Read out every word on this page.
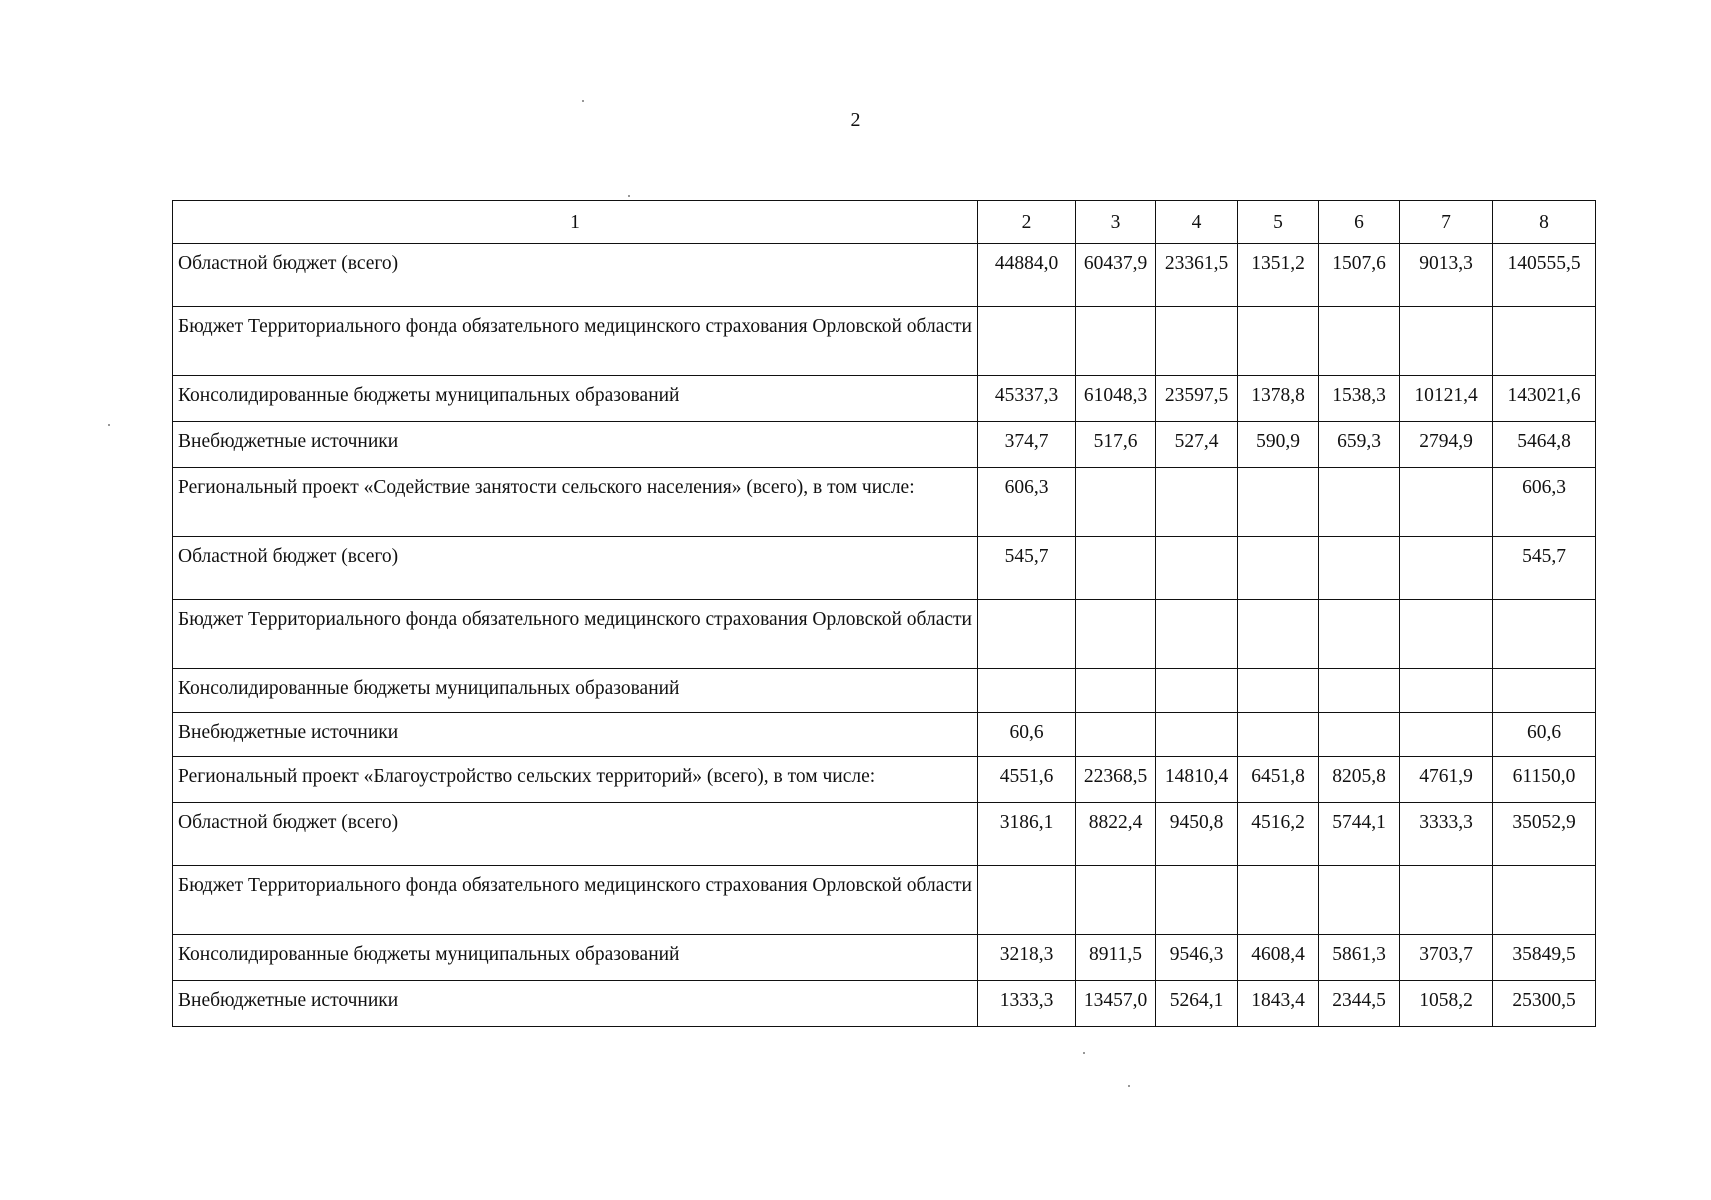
2
1	2	3	4	5	6	7	8
Областной бюджет (всего)	44884,0	60437,9	23361,5	1351,2	1507,6	9013,3	140555,5
Бюджет Территориального фонда обязательного медицинского страхования Орловской области							
Консолидированные бюджеты муниципальных образований	45337,3	61048,3	23597,5	1378,8	1538,3	10121,4	143021,6
Внебюджетные источники	374,7	517,6	527,4	590,9	659,3	2794,9	5464,8
Региональный проект «Содействие занятости сельского населения» (всего), в том числе:	606,3						606,3
Областной бюджет (всего)	545,7						545,7
Бюджет Территориального фонда обязательного медицинского страхования Орловской области							
Консолидированные бюджеты муниципальных образований							
Внебюджетные источники	60,6						60,6
Региональный проект «Благоустройство сельских территорий» (всего), в том числе:	4551,6	22368,5	14810,4	6451,8	8205,8	4761,9	61150,0
Областной бюджет (всего)	3186,1	8822,4	9450,8	4516,2	5744,1	3333,3	35052,9
Бюджет Территориального фонда обязательного медицинского страхования Орловской области							
Консолидированные бюджеты муниципальных образований	3218,3	8911,5	9546,3	4608,4	5861,3	3703,7	35849,5
Внебюджетные источники	1333,3	13457,0	5264,1	1843,4	2344,5	1058,2	25300,5
